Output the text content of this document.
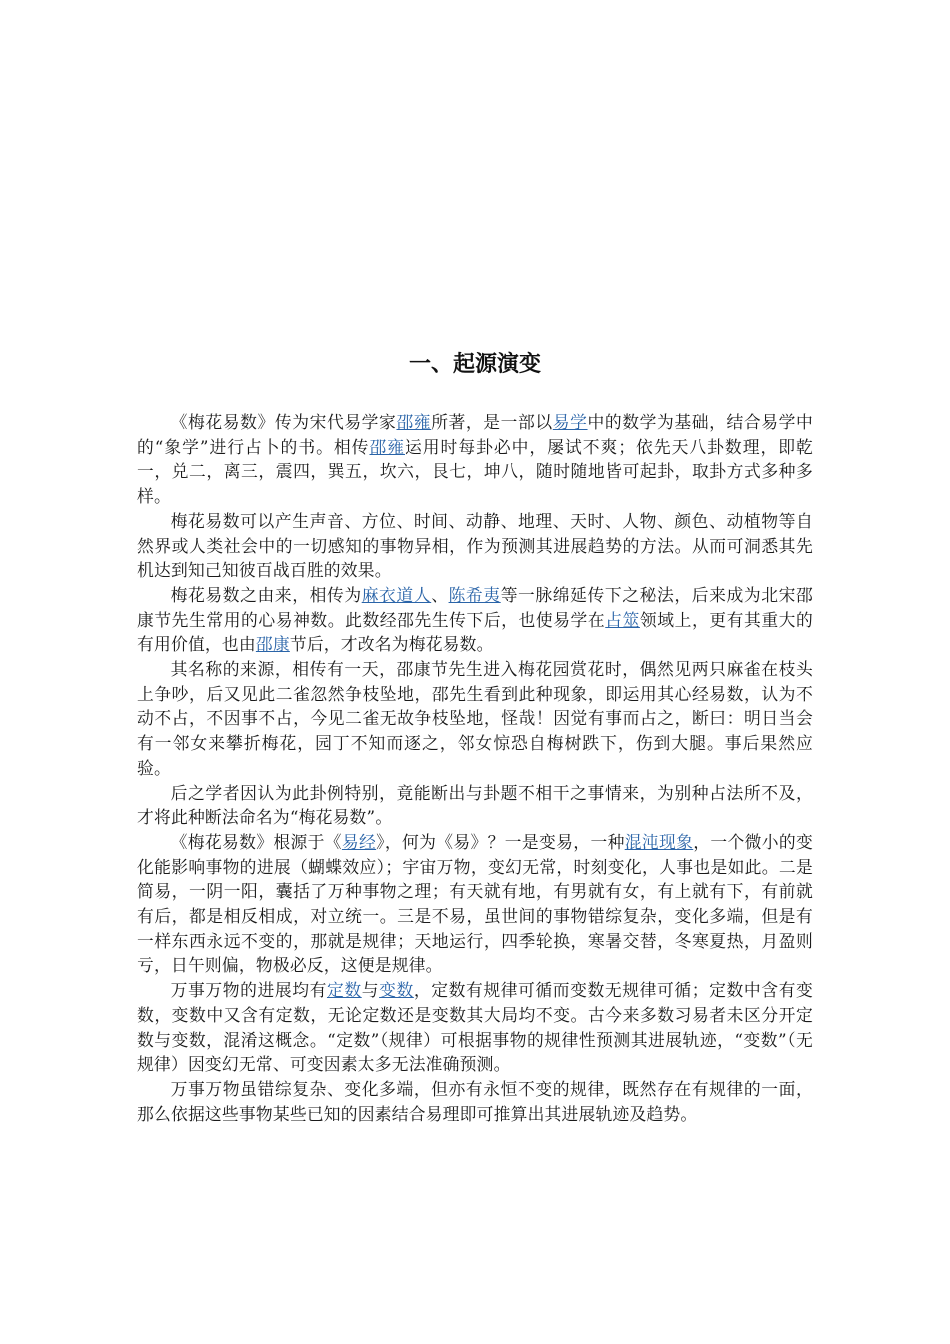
一、起源演变

《梅花易数》传为宋代易学家邵雍所著，是一部以易学中的数学为基础，结合易学中的“象学”进行占卜的书。相传邵雍运用时每卦必中，屡试不爽；依先天八卦数理，即乾一，兑二，离三，震四，巽五，坎六，艮七，坤八，随时随地皆可起卦，取卦方式多种多样。

梅花易数可以产生声音、方位、时间、动静、地理、天时、人物、颜色、动植物等自然界或人类社会中的一切感知的事物异相，作为预测其进展趋势的方法。从而可洞悉其先机达到知己知彼百战百胜的效果。

梅花易数之由来，相传为麻衣道人、陈希夷等一脉绵延传下之秘法，后来成为北宋邵康节先生常用的心易神数。此数经邵先生传下后，也使易学在占筮领域上，更有其重大的有用价值，也由邵康节后，才改名为梅花易数。

其名称的来源，相传有一天，邵康节先生进入梅花园赏花时，偶然见两只麻雀在枝头上争吵，后又见此二雀忽然争枝坠地，邵先生看到此种现象，即运用其心经易数，认为不动不占，不因事不占，今见二雀无故争枝坠地，怪哉！因觉有事而占之，断曰：明日当会有一邻女来攀折梅花，园丁不知而逐之，邻女惊恐自梅树跌下，伤到大腿。事后果然应验。

后之学者因认为此卦例特别，竟能断出与卦题不相干之事情来，为别种占法所不及，才将此种断法命名为“梅花易数”。

《梅花易数》根源于《易经》，何为《易》？一是变易，一种混沌现象，一个微小的变化能影响事物的进展（蝴蝶效应）；宇宙万物，变幻无常，时刻变化，人事也是如此。二是简易，一阴一阳，囊括了万种事物之理；有天就有地，有男就有女，有上就有下，有前就有后，都是相反相成，对立统一。三是不易，虽世间的事物错综复杂，变化多端，但是有一样东西永远不变的，那就是规律；天地运行，四季轮换，寒暑交替，冬寒夏热，月盈则亏，日午则偏，物极必反，这便是规律。

万事万物的进展均有定数与变数，定数有规律可循而变数无规律可循；定数中含有变数，变数中又含有定数，无论定数还是变数其大局均不变。古今来多数习易者未区分开定数与变数，混淆这概念。“定数”（规律）可根据事物的规律性预测其进展轨迹，“变数”（无规律）因变幻无常、可变因素太多无法准确预测。

万事万物虽错综复杂、变化多端，但亦有永恒不变的规律，既然存在有规律的一面，那么依据这些事物某些已知的因素结合易理即可推算出其进展轨迹及趋势。
